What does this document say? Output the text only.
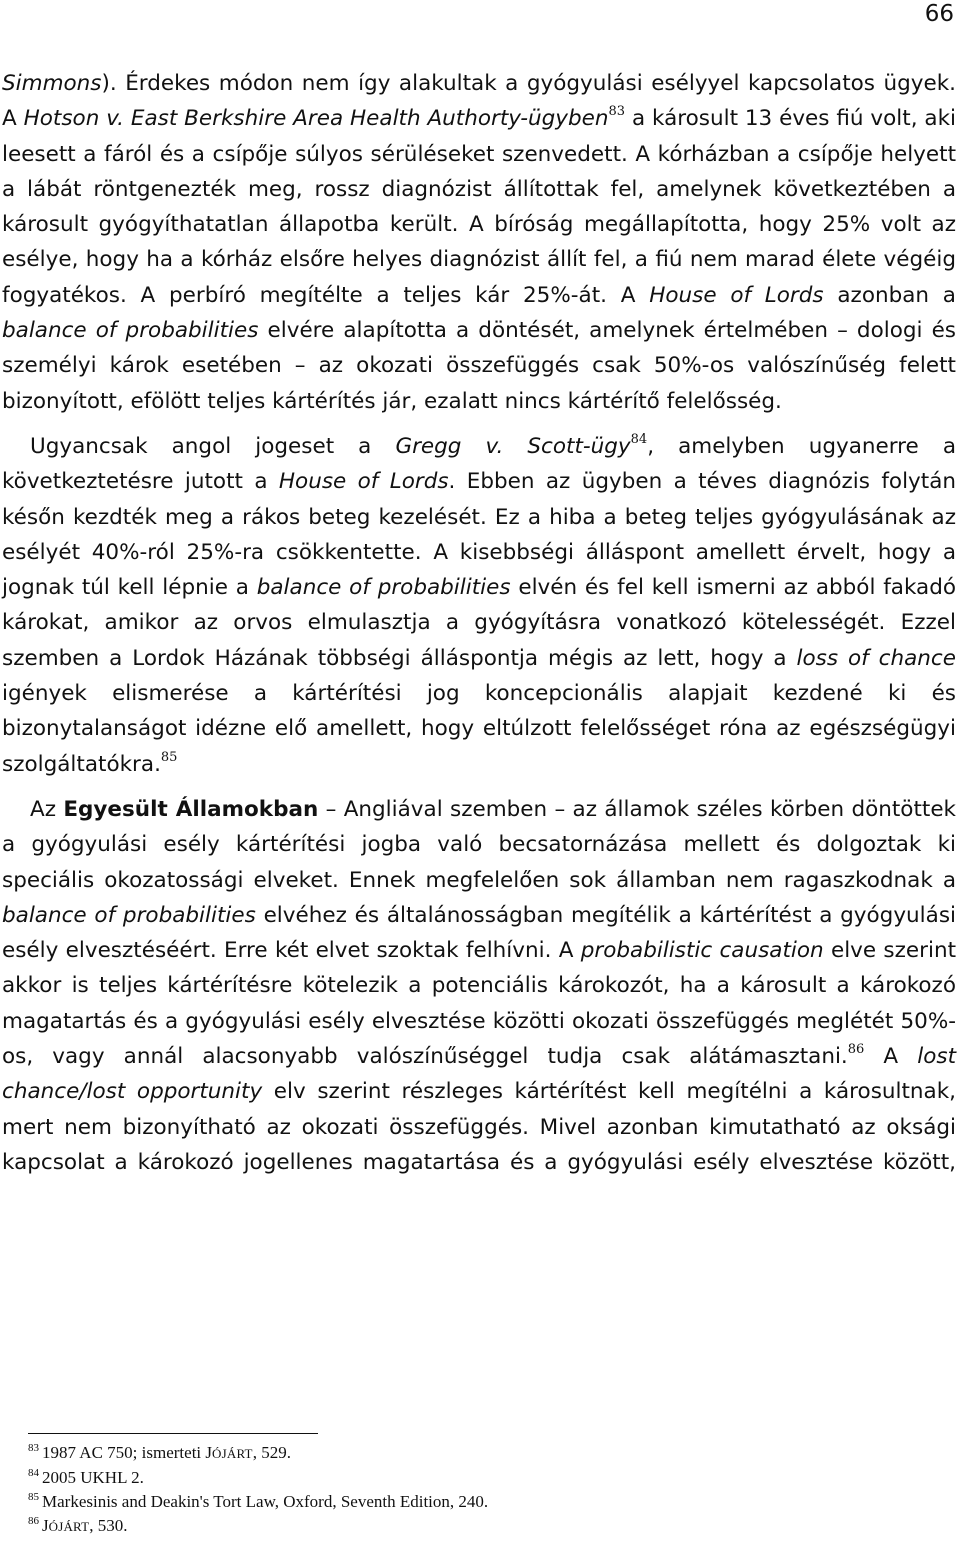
66

Simmons). Érdekes módon nem így alakultak a gyógyulási esélyyel kapcsolatos ügyek. A Hotson v. East Berkshire Area Health Authorty-ügyben$^{83}$ a károsult 13 éves fiú volt, aki leesett a fáról és a csípője súlyos sérüléseket szenvedett. A kórházban a csípője helyett a lábát röntgenezték meg, rossz diagnózist állítottak fel, amelynek következtében a károsult gyógyíthatatlan állapotba került. A bíróság megállapította, hogy 25% volt az esélye, hogy ha a kórház elsőre helyes diagnózist állít fel, a fiú nem marad élete végéig fogyatékos. A perbíró megítélte a teljes kár 25%-át. A House of Lords azonban a balance of probabilities elvére alapította a döntését, amelynek értelmében – dologi és személyi károk esetében – az okozati összefüggés csak 50%-os valószínűség felett bizonyított, efölött teljes kártérítés jár, ezalatt nincs kártérítő felelősség.

Ugyancsak angol jogeset a Gregg v. Scott-ügy$^{84}$, amelyben ugyanerre a következtetésre jutott a House of Lords. Ebben az ügyben a téves diagnózis folytán későn kezdték meg a rákos beteg kezelését. Ez a hiba a beteg teljes gyógyulásának az esélyét 40%-ról 25%-ra csökkentette. A kisebbségi álláspont amellett érvelt, hogy a jognak túl kell lépnie a balance of probabilities elvén és fel kell ismerni az abból fakadó károkat, amikor az orvos elmulasztja a gyógyításra vonatkozó kötelességét. Ezzel szemben a Lordok Házának többségi álláspontja mégis az lett, hogy a loss of chance igények elismerése a kártérítési jog koncepcionális alapjait kezdené ki és bizonytalanságot idézne elő amellett, hogy eltúlzott felelősséget róna az egészségügyi szolgáltatókra.$^{85}$

Az Egyesült Államokban – Angliával szemben – az államok széles körben döntöttek a gyógyulási esély kártérítési jogba való becsatornázása mellett és dolgoztak ki speciális okozatossági elveket. Ennek megfelelően sok államban nem ragaszkodnak a balance of probabilities elvéhez és általánosságban megítélik a kártérítést a gyógyulási esély elvesztéséért. Erre két elvet szoktak felhívni. A probabilistic causation elve szerint akkor is teljes kártérítésre kötelezik a potenciális károkozót, ha a károsult a károkozó magatartás és a gyógyulási esély elvesztése közötti okozati összefüggés meglétét 50%-os, vagy annál alacsonyabb valószínűséggel tudja csak alátámasztani.$^{86}$ A lost chance/lost opportunity elv szerint részleges kártérítést kell megítélni a károsultnak, mert nem bizonyítható az okozati összefüggés. Mivel azonban kimutatható az oksági kapcsolat a károkozó jogellenes magatartása és a gyógyulási esély elvesztése között,

$^{83}$ 1987 AC 750; ismerteti JÓJÁRT, 529.

$^{84}$ 2005 UKHL 2.

$^{85}$ Markesinis and Deakin's Tort Law, Oxford, Seventh Edition, 240.

$^{86}$ JÓJÁRT, 530.
